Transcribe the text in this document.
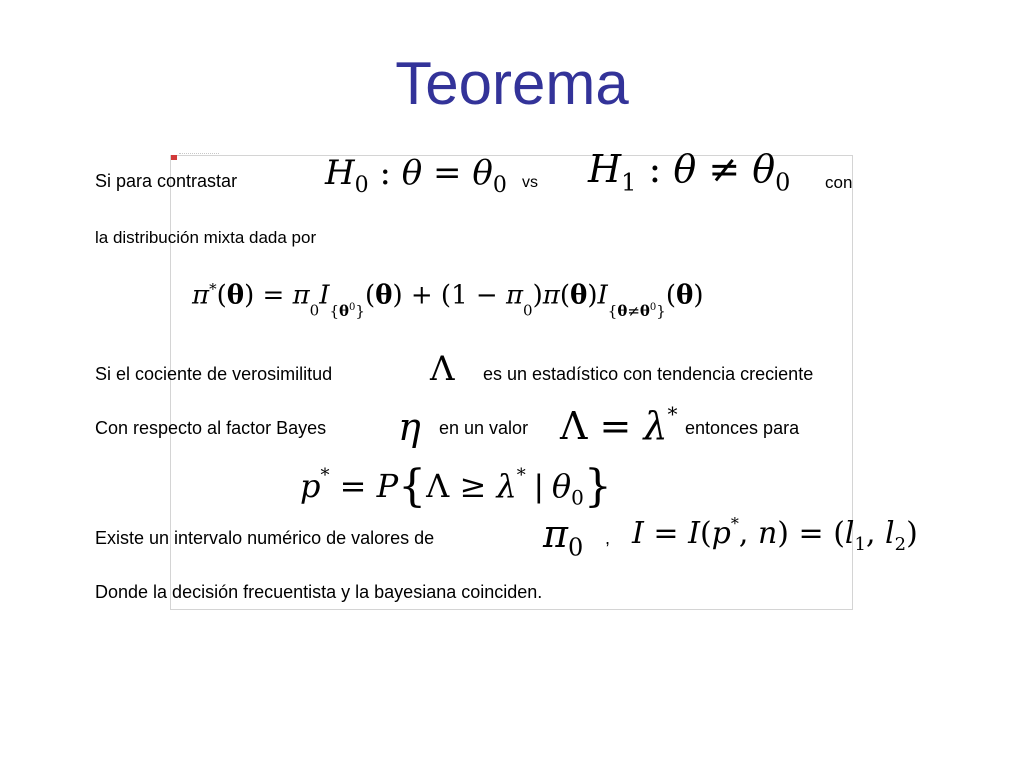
Teorema
Si para contrastar	$H_0$ : $\theta = \theta_0$ vs $H_1$ : $\theta \ne \theta_0$ con
la distribución mixta dada por
$\pi^*(\theta) = \pi_0I_{\{\theta^0\}}(\theta) + (1 - \pi_0)\pi(\theta)I_{\{\theta\ne\theta^0\}}(\theta)$
Si el cociente de verosimilitud	Λ es un estadístico con tendencia creciente
Con respecto al factor Bayes η en un valor Λ = λ*
entonces para
p* = P{Λ ≥ λ* | $\theta_0$}
Existe un intervalo numérico de valores de	$\pi_0$ , I = I(p*, $n) = (l_1$, $l_2$)
Donde la decisión frecuentista y la bayesiana coinciden.
